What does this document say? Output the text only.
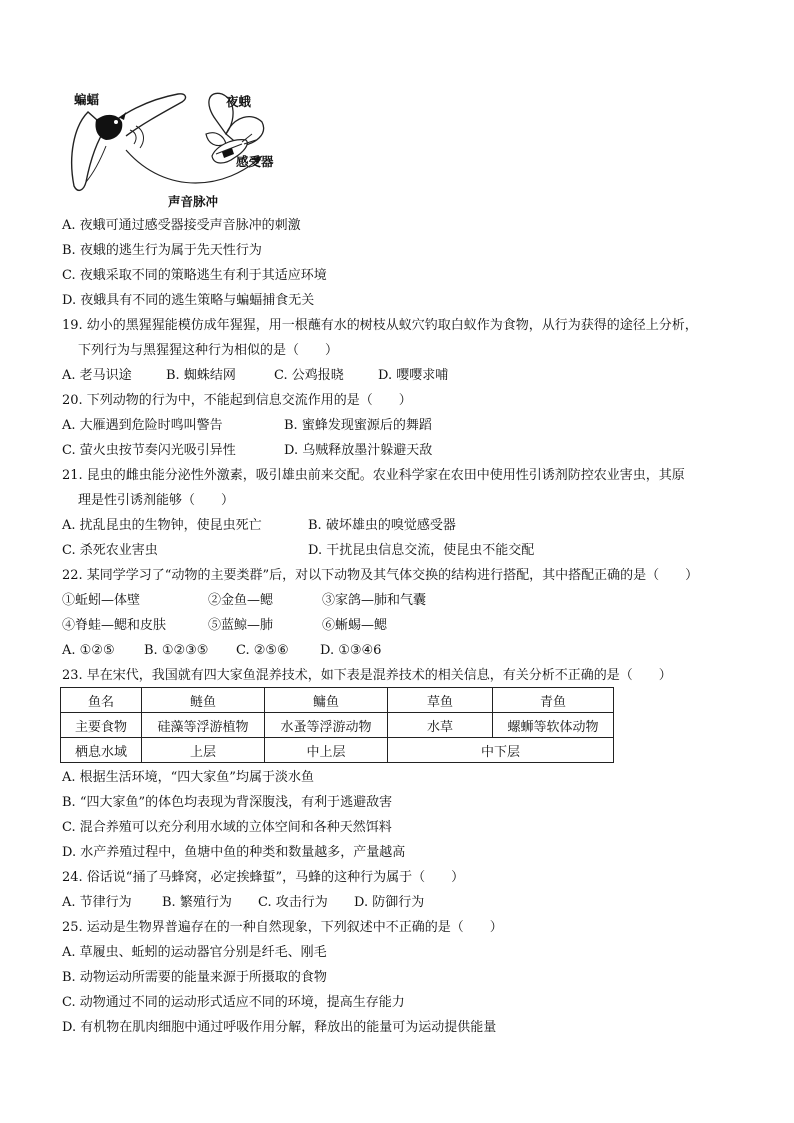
蝙蝠	夜蛾
感受器
声音脉冲
A. 夜蛾可通过感受器接受声音脉冲的刺激
B. 夜蛾的逃生行为属于先天性行为
C. 夜蛾采取不同的策略逃生有利于其适应环境
D. 夜蛾具有不同的逃生策略与蝙蝠捕食无关
19. 幼小的黑猩猩能模仿成年猩猩，用一根蘸有水的树枝从蚁穴钓取白蚁作为食物，从行为获得的途径上分析，
下列行为与黑猩猩这种行为相似的是（　　）
A. 老马识途	B. 蜘蛛结网	C. 公鸡报晓	D. 嘤嘤求哺
20. 下列动物的行为中，不能起到信息交流作用的是（　　）
A. 大雁遇到危险时鸣叫警告	B. 蜜蜂发现蜜源后的舞蹈
C. 萤火虫按节奏闪光吸引异性	D. 乌贼释放墨汁躲避天敌
21. 昆虫的雌虫能分泌性外激素，吸引雄虫前来交配。农业科学家在农田中使用性引诱剂防控农业害虫，其原
理是性引诱剂能够（　　）
A. 扰乱昆虫的生物钟，使昆虫死亡	B. 破坏雄虫的嗅觉感受器
C. 杀死农业害虫	D. 干扰昆虫信息交流，使昆虫不能交配
22. 某同学学习了“动物的主要类群”后，对以下动物及其气体交换的结构进行搭配，其中搭配正确的是（　　）
①蚯蚓—体壁	②金鱼—鳃	③家鸽—肺和气囊
④脊蛙—鳃和皮肤	⑤蓝鲸—肺	⑥蜥蜴—鳃
A. ①②⑤ B. ①②③⑤ C. ②⑤⑥ D. ①③④6
23. 早在宋代，我国就有四大家鱼混养技术，如下表是混养技术的相关信息，有关分析不正确的是（　　）
鱼名	鲢鱼	鳙鱼	草鱼	青鱼
主要食物	硅藻等浮游植物	水蚤等浮游动物	水草	螺蛳等软体动物
栖息水域	上层	中上层	中下层	
A. 根据生活环境，“四大家鱼”均属于淡水鱼
B. “四大家鱼”的体色均表现为背深腹浅，有利于逃避敌害
C. 混合养殖可以充分利用水域的立体空间和各种天然饵料
D. 水产养殖过程中，鱼塘中鱼的种类和数量越多，产量越高
24. 俗话说“捅了马蜂窝，必定挨蜂蜇”，马蜂的这种行为属于（　　）
A. 节律行为 B. 繁殖行为 C. 攻击行为 D. 防御行为
25. 运动是生物界普遍存在的一种自然现象，下列叙述中不正确的是（　　）
A. 草履虫、蚯蚓的运动器官分别是纤毛、刚毛
B. 动物运动所需要的能量来源于所摄取的食物
C. 动物通过不同的运动形式适应不同的环境，提高生存能力
D. 有机物在肌肉细胞中通过呼吸作用分解，释放出的能量可为运动提供能量
